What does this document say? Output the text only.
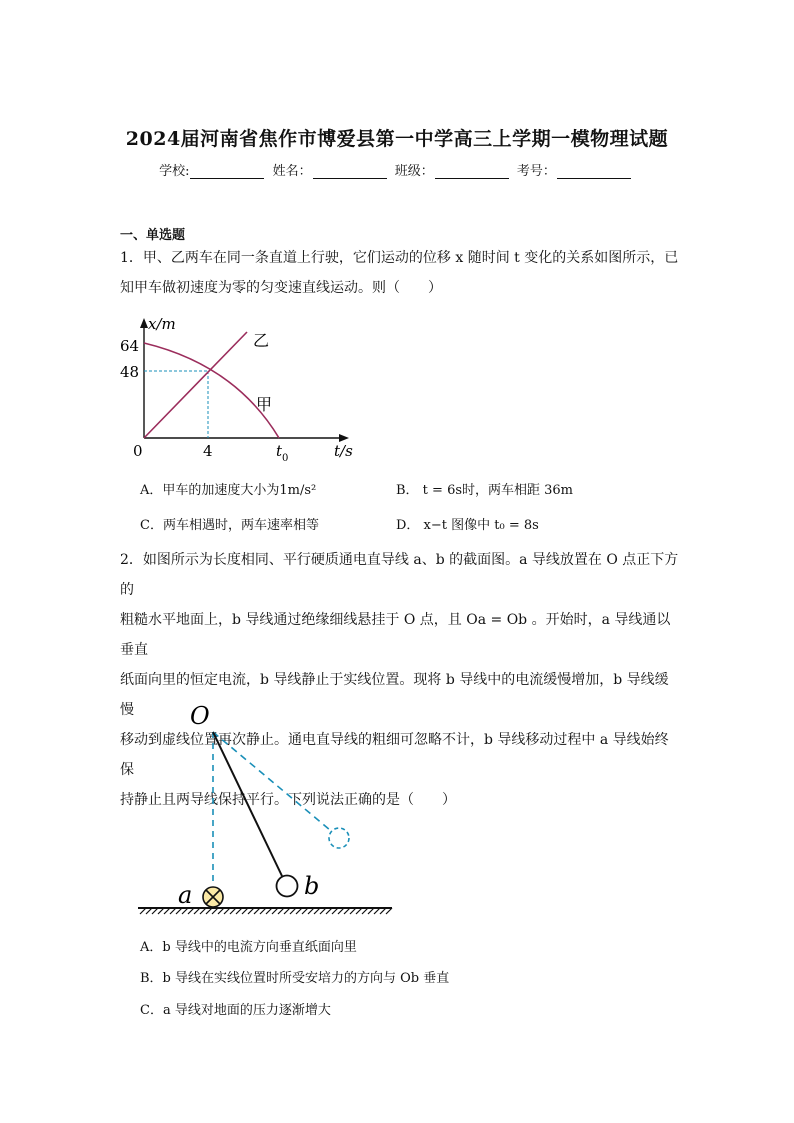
2024届河南省焦作市博爱县第一中学高三上学期一模物理试题
学校:	姓名：	班级：	考号：
一、单选题
1．甲、乙两车在同一条直道上行驶，它们运动的位移 x 随时间 t 变化的关系如图所示，已
知甲车做初速度为零的匀变速直线运动。则（　　）
x/m
64
48
0	4	t 0	t/s
乙
甲
A．甲车的加速度大小为1m/s²	B． t = 6s时，两车相距 36m
C．两车相遇时，两车速率相等	D． x−t 图像中 t₀ = 8s
2．如图所示为长度相同、平行硬质通电直导线 a、b 的截面图。a 导线放置在 O 点正下方的
粗糙水平地面上，b 导线通过绝缘细线悬挂于 O 点，且 Oa = Ob 。开始时，a 导线通以垂直
纸面向里的恒定电流，b 导线静止于实线位置。现将 b 导线中的电流缓慢增加，b 导线缓慢
移动到虚线位置再次静止。通电直导线的粗细可忽略不计，b 导线移动过程中 a 导线始终保
持静止且两导线保持平行。下列说法正确的是（　　）
O
a	b
A．b 导线中的电流方向垂直纸面向里
B．b 导线在实线位置时所受安培力的方向与 Ob 垂直
C．a 导线对地面的压力逐渐增大
